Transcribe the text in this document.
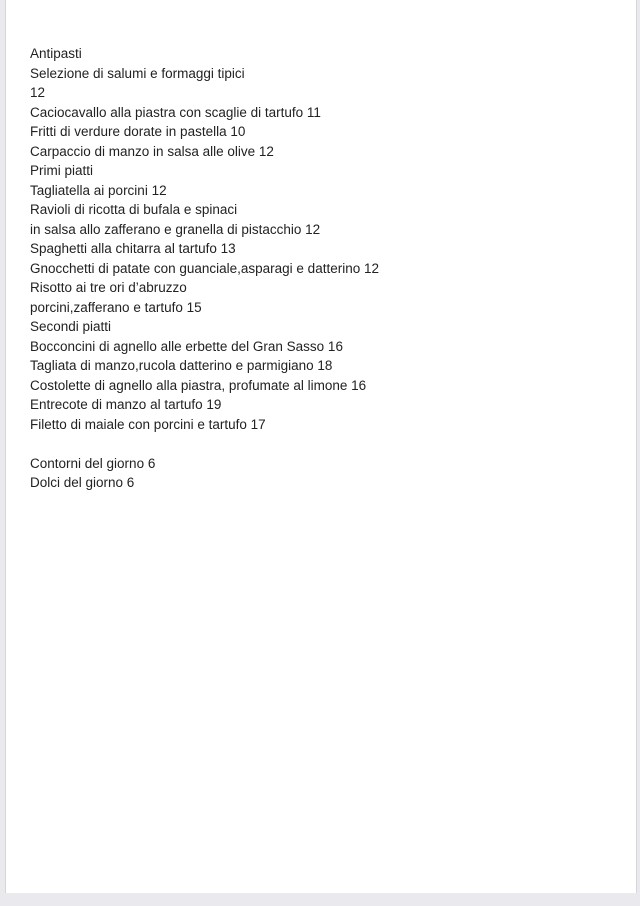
Antipasti
Selezione di salumi e formaggi tipici
12
Caciocavallo alla piastra con scaglie di tartufo 11
Fritti di verdure dorate in pastella 10
Carpaccio di manzo in salsa alle olive 12
Primi piatti
Tagliatella ai porcini 12
Ravioli di ricotta di bufala e spinaci
in salsa allo zafferano e granella di pistacchio 12
Spaghetti alla chitarra al tartufo 13
Gnocchetti di patate con guanciale,asparagi e datterino 12
Risotto ai tre ori d’abruzzo
porcini,zafferano e tartufo 15
Secondi piatti
Bocconcini di agnello alle erbette del Gran Sasso 16
Tagliata di manzo,rucola datterino e parmigiano 18
Costolette di agnello alla piastra, profumate al limone 16
Entrecote di manzo al tartufo 19
Filetto di maiale con porcini e tartufo 17
Contorni del giorno 6
Dolci del giorno 6
